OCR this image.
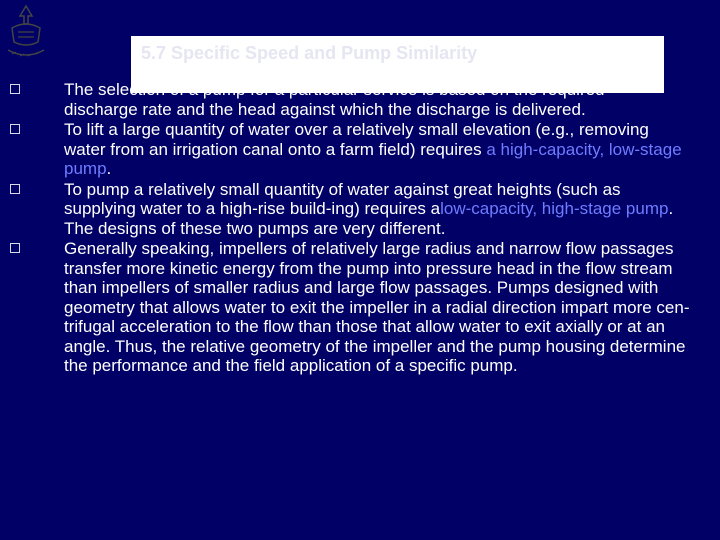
5.7 Specific Speed and Pump Similarity
The selection of a pump for a particular service is based on the required discharge rate and the head against which the discharge is delivered.
To lift a large quantity of water over a relatively small elevation (e.g., removing water from an irrigation canal onto a farm field) requires a high-capacity, low-stage pump.
To pump a relatively small quantity of water against great heights (such as supplying water to a high-rise build-ing) requires alow-capacity, high-stage pump. The designs of these two pumps are very different.
Generally speaking, impellers of relatively large radius and narrow flow passages transfer more kinetic energy from the pump into pressure head in the flow stream than impellers of smaller radius and large flow passages. Pumps designed with geometry that allows water to exit the impeller in a radial direction impart more cen-trifugal acceleration to the flow than those that allow water to exit axially or at an angle. Thus, the relative geometry of the impeller and the pump housing determine the performance and the field application of a specific pump.
